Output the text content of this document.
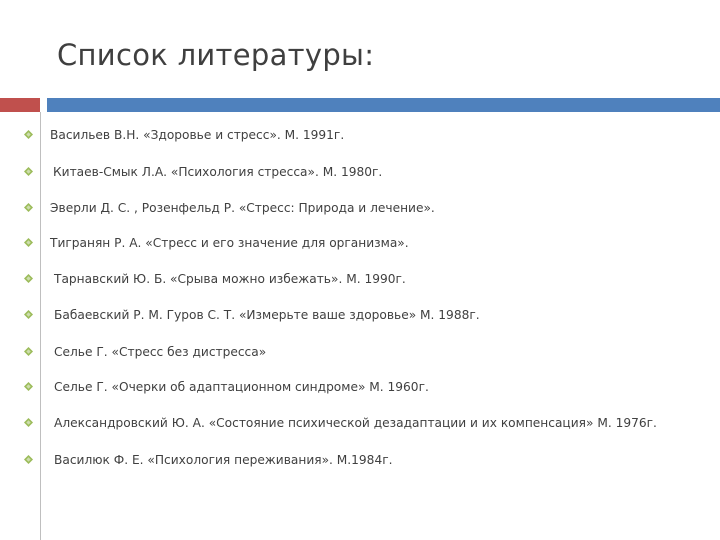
Список литературы:
Васильев В.Н. «Здоровье и стресс». М. 1991г.
Китаев-Смык Л.А. «Психология стресса». М. 1980г.
Эверли Д. С. , Розенфельд Р. «Стресс: Природа и лечение».
Тигранян Р. А. «Стресс и его значение для организма».
Тарнавский Ю. Б. «Срыва можно избежать». М. 1990г.
Бабаевский Р. М. Гуров С. Т. «Измерьте ваше здоровье» М. 1988г.
Селье Г. «Стресс без дистресса»
Селье Г. «Очерки об адаптационном синдроме» М. 1960г.
Александровский Ю. А. «Состояние психической дезадаптации и их компенсация» М. 1976г.
Василюк Ф. Е. «Психология переживания». М.1984г.
